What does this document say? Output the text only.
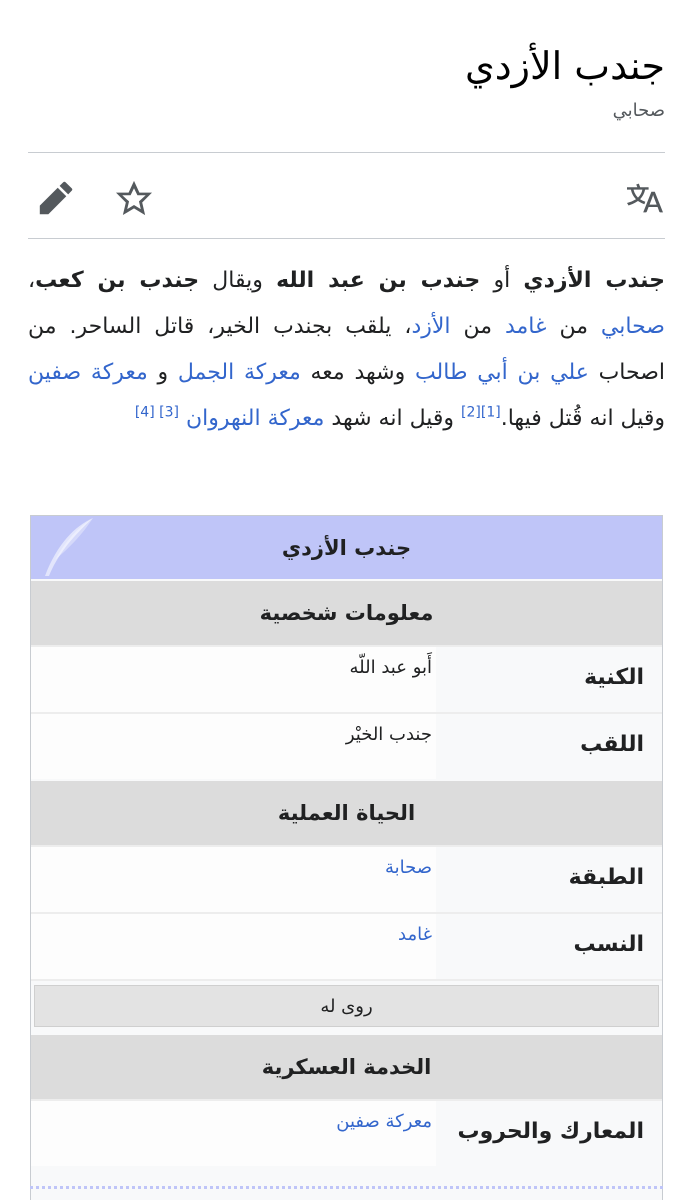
جندب الأزدي
صحابي

جندب الأزدي أو جندب بن عبد الله ويقال جندب بن كعب، صحابي من غامد من الأزد، يلقب بجندب الخير، قاتل الساحر. من اصحاب علي بن أبي طالب وشهد معه معركة الجمل و معركة صفين وقيل انه قُتل فيها.[1][2] وقيل انه شهد معركة النهروان [3] [4]

جندب الأزدي
معلومات شخصية
الكنية
أَبو عبد اللّه
اللقب
جندب الخيْر
الحياة العملية
الطبقة
صحابة
النسب
غامد
روى له
الخدمة العسكرية
المعارك والحروب
معركة صفين
